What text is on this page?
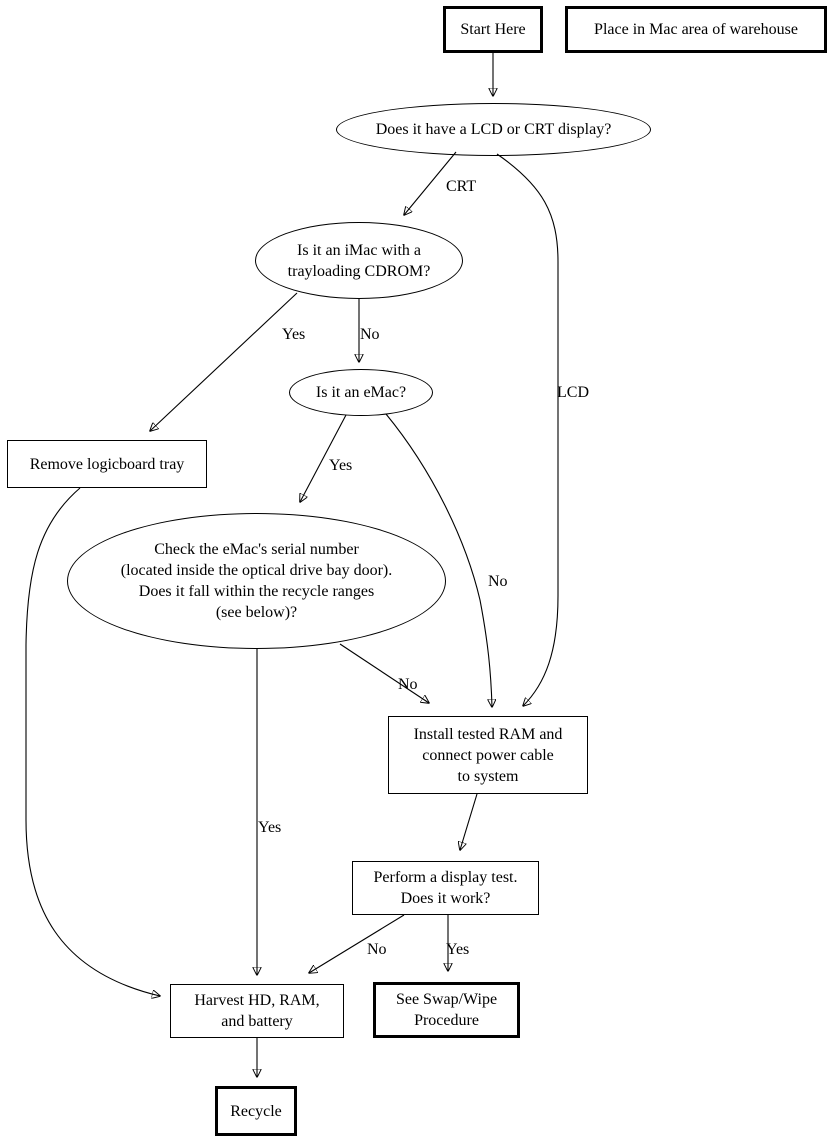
Start Here	Place in Mac area of warehouse
Does it have a LCD or CRT display?
Is it an iMac with a
trayloading CDROM?
Is it an eMac?
Remove logicboard tray
Check the eMac's serial number
(located inside the optical drive bay door).
Does it fall within the recycle ranges
(see below)?
Install tested RAM and
connect power cable
to system
Perform a display test.
Does it work?
Harvest HD, RAM,
and battery
See Swap/Wipe
Procedure
Recycle
CRT
LCD
Yes	No
Yes
No
No
Yes
No	Yes
